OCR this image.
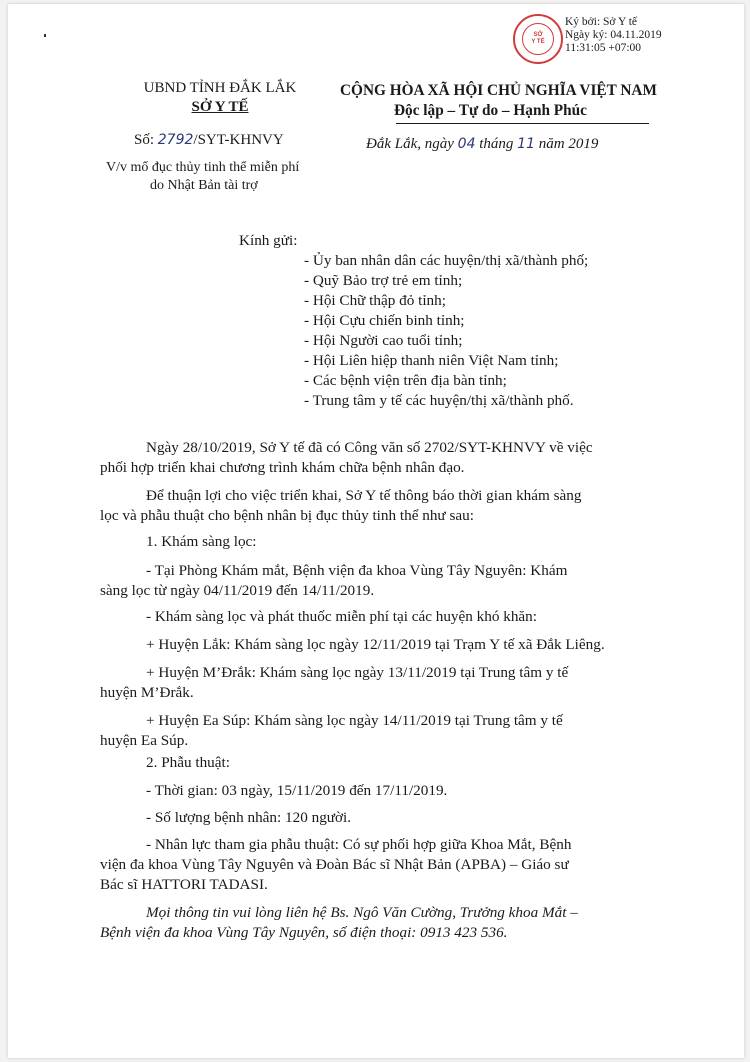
SỞ
Y TẾ
Ký bởi: Sở Y tế
Ngày ký: 04.11.2019
11:31:05 +07:00
UBND TỈNH ĐẮK LẮK
SỞ Y TẾ
Số: 2792/SYT-KHNVY
V/v mổ đục thủy tinh thể miễn phí
do Nhật Bản tài trợ
CỘNG HÒA XÃ HỘI CHỦ NGHĨA VIỆT NAM
Độc lập – Tự do – Hạnh Phúc
Đắk Lắk, ngày 04 tháng 11 năm 2019
Kính gửi:
- Ủy ban nhân dân các huyện/thị xã/thành phố;
- Quỹ Bảo trợ trẻ em tỉnh;
- Hội Chữ thập đỏ tỉnh;
- Hội Cựu chiến binh tỉnh;
- Hội Người cao tuổi tỉnh;
- Hội Liên hiệp thanh niên Việt Nam tỉnh;
- Các bệnh viện trên địa bàn tỉnh;
- Trung tâm y tế các huyện/thị xã/thành phố.
Ngày 28/10/2019, Sở Y tế đã có Công văn số 2702/SYT-KHNVY về việc
phối hợp triển khai chương trình khám chữa bệnh nhân đạo.
Để thuận lợi cho việc triển khai, Sở Y tế thông báo thời gian khám sàng
lọc và phẫu thuật cho bệnh nhân bị đục thủy tinh thể như sau:
1. Khám sàng lọc:
- Tại Phòng Khám mắt, Bệnh viện đa khoa Vùng Tây Nguyên: Khám
sàng lọc từ ngày 04/11/2019 đến 14/11/2019.
- Khám sàng lọc và phát thuốc miễn phí tại các huyện khó khăn:
+ Huyện Lắk: Khám sàng lọc ngày 12/11/2019 tại Trạm Y tế xã Đắk Liêng.
+ Huyện M’Đrắk: Khám sàng lọc ngày 13/11/2019 tại Trung tâm y tế
huyện M’Đrắk.
+ Huyện Ea Súp: Khám sàng lọc ngày 14/11/2019 tại Trung tâm y tế
huyện Ea Súp.
2. Phẫu thuật:
- Thời gian: 03 ngày, 15/11/2019 đến 17/11/2019.
- Số lượng bệnh nhân: 120 người.
- Nhân lực tham gia phẫu thuật: Có sự phối hợp giữa Khoa Mắt, Bệnh
viện đa khoa Vùng Tây Nguyên và Đoàn Bác sĩ Nhật Bản (APBA) – Giáo sư
Bác sĩ HATTORI TADASI.
Mọi thông tin vui lòng liên hệ Bs. Ngô Văn Cường, Trưởng khoa Mắt –
Bệnh viện đa khoa Vùng Tây Nguyên, số điện thoại: 0913 423 536.
